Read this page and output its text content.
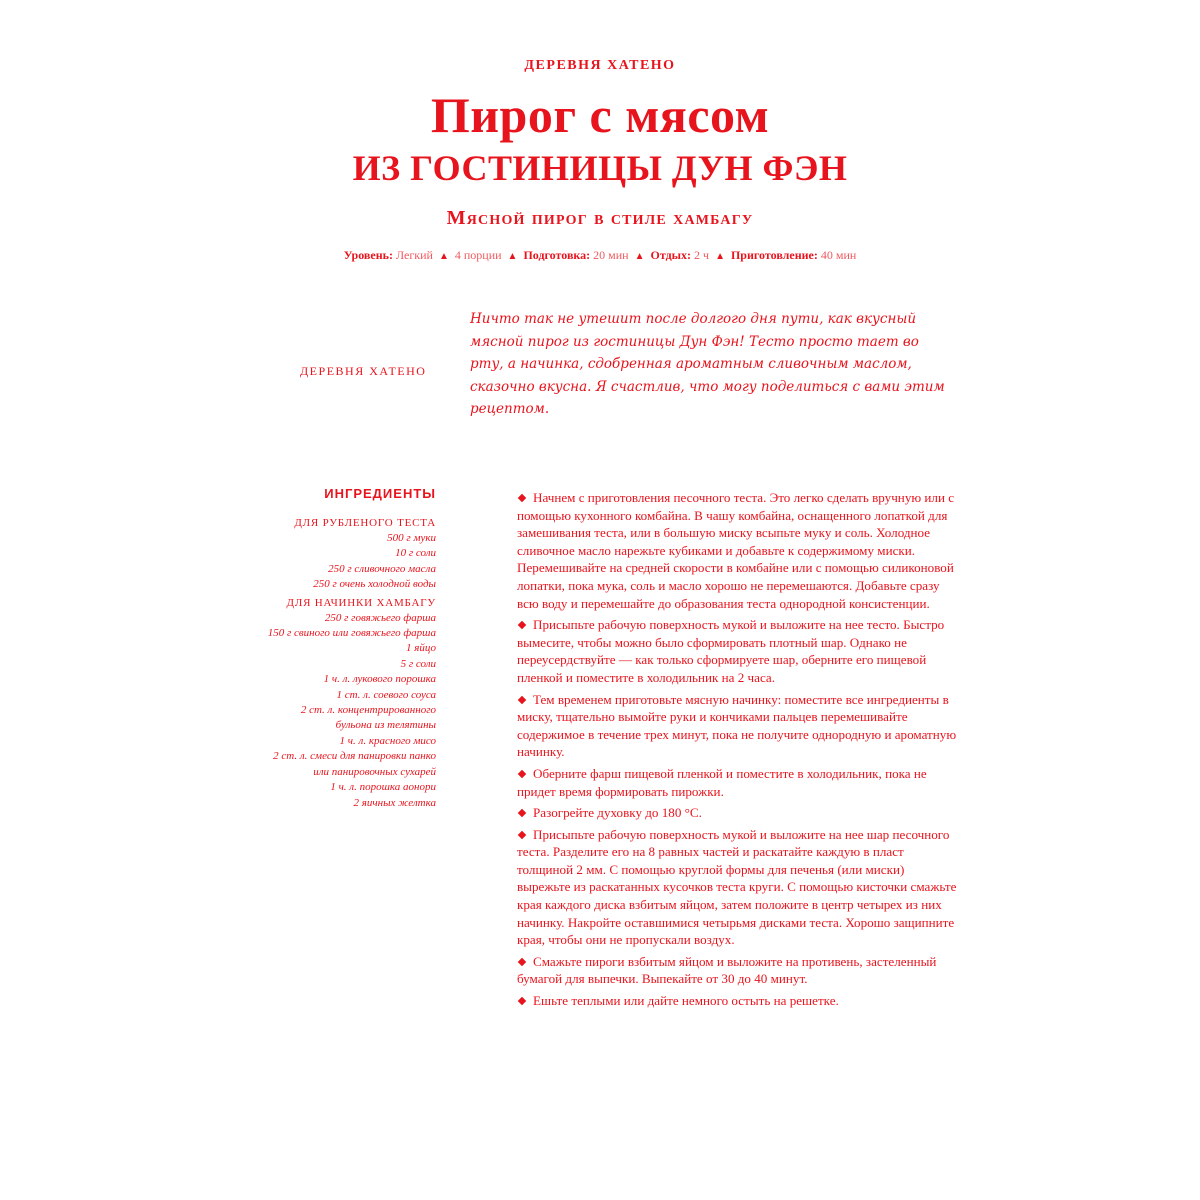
ДЕРЕВНЯ ХАТЕНО
Пирог с мясом
ИЗ ГОСТИНИЦЫ ДУН ФЭН
Мясной пирог в стиле хамбагу
Уровень: Легкий ▲ 4 порции ▲ Подготовка: 20 мин ▲ Отдых: 2 ч ▲ Приготовление: 40 мин
ДЕРЕВНЯ ХАТЕНО
Ничто так не утешит после долгого дня пути, как вкусный мясной пирог из гостиницы Дун Фэн! Тесто просто тает во рту, а начинка, сдобренная ароматным сливочным маслом, сказочно вкусна. Я счастлив, что могу поделиться с вами этим рецептом.
ИНГРЕДИЕНТЫ
ДЛЯ РУБЛЕНОГО ТЕСТА
500 г муки
10 г соли
250 г сливочного масла
250 г очень холодной воды
ДЛЯ НАЧИНКИ ХАМБАГУ
250 г говяжьего фарша
150 г свиного или говяжьего фарша
1 яйцо
5 г соли
1 ч. л. лукового порошка
1 ст. л. соевого соуса
2 ст. л. концентрированного
бульона из телятины
1 ч. л. красного мисо
2 ст. л. смеси для панировки панко
или панировочных сухарей
1 ч. л. порошка аонори
2 яичных желтка

Начнем с приготовления песочного теста. Это легко сделать вручную или с помощью кухонного комбайна. В чашу комбайна, оснащенного лопаткой для замешивания теста, или в большую миску всыпьте муку и соль. Холодное сливочное масло нарежьте кубиками и добавьте к содержимому миски. Перемешивайте на средней скорости в комбайне или с помощью силиконовой лопатки, пока мука, соль и масло хорошо не перемешаются. Добавьте сразу всю воду и перемешайте до образования теста однородной консистенции.

Присыпьте рабочую поверхность мукой и выложите на нее тесто. Быстро вымесите, чтобы можно было сформировать плотный шар. Однако не переусердствуйте — как только сформируете шар, оберните его пищевой пленкой и поместите в холодильник на 2 часа.

Тем временем приготовьте мясную начинку: поместите все ингредиенты в миску, тщательно вымойте руки и кончиками пальцев перемешивайте содержимое в течение трех минут, пока не получите однородную и ароматную начинку.

Оберните фарш пищевой пленкой и поместите в холодильник, пока не придет время формировать пирожки.

Разогрейте духовку до 180 °C.

Присыпьте рабочую поверхность мукой и выложите на нее шар песочного теста. Разделите его на 8 равных частей и раскатайте каждую в пласт толщиной 2 мм. С помощью круглой формы для печенья (или миски) вырежьте из раскатанных кусочков теста круги. С помощью кисточки смажьте края каждого диска взбитым яйцом, затем положите в центр четырех из них начинку. Накройте оставшимися четырьмя дисками теста. Хорошо защипните края, чтобы они не пропускали воздух.

Смажьте пироги взбитым яйцом и выложите на противень, застеленный бумагой для выпечки. Выпекайте от 30 до 40 минут.

Ешьте теплыми или дайте немного остыть на решетке.
